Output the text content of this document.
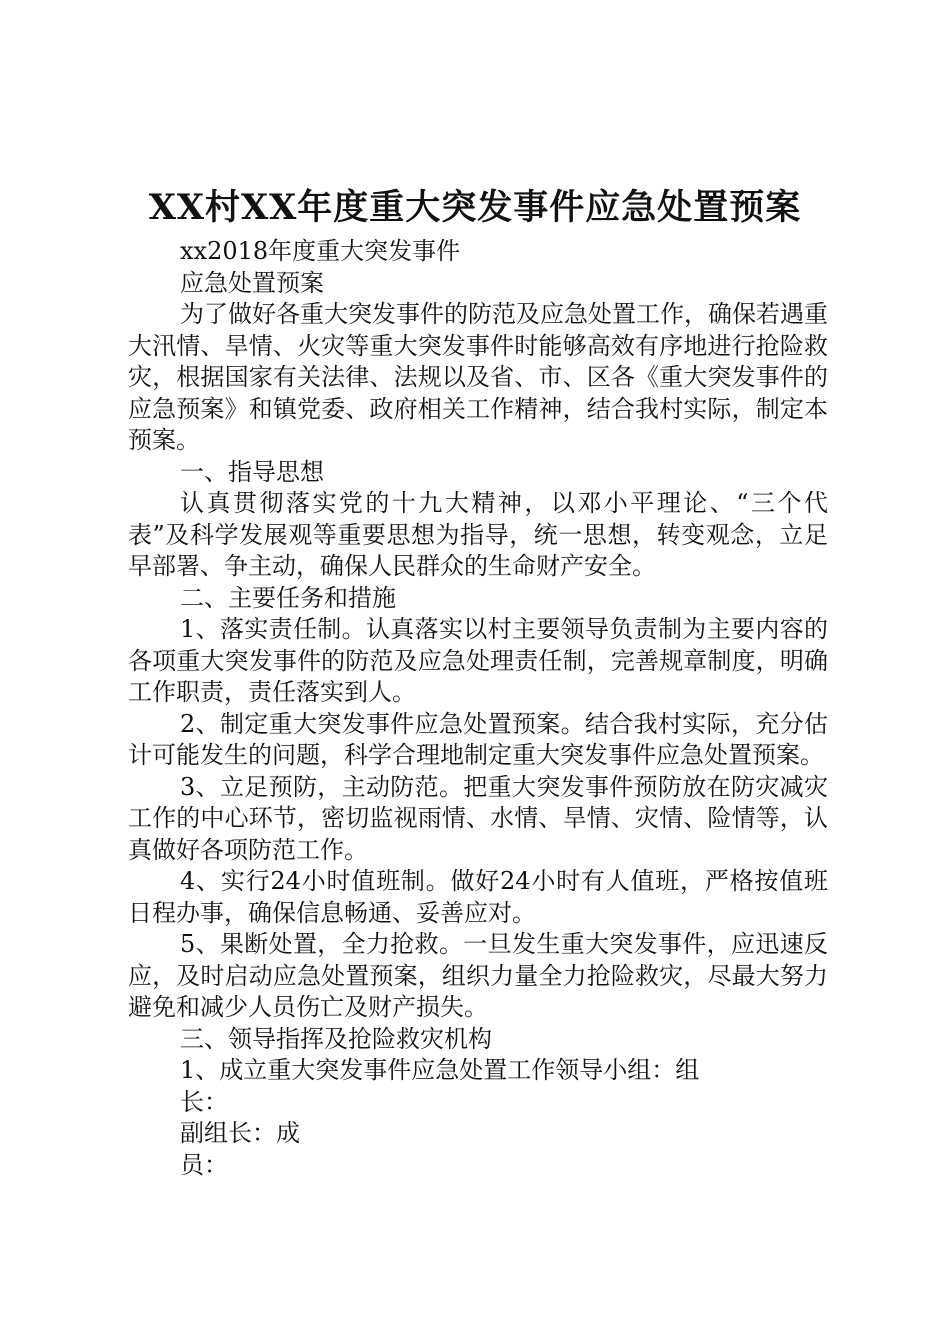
XX村XX年度重大突发事件应急处置预案

xx2018年度重大突发事件

应急处置预案

为了做好各重大突发事件的防范及应急处置工作，确保若遇重大汛情、旱情、火灾等重大突发事件时能够高效有序地进行抢险救灾，根据国家有关法律、法规以及省、市、区各《重大突发事件的应急预案》和镇党委、政府相关工作精神，结合我村实际，制定本预案。

一、指导思想

认真贯彻落实党的十九大精神，以邓小平理论、“三个代表”及科学发展观等重要思想为指导，统一思想，转变观念，立足早部署、争主动，确保人民群众的生命财产安全。

二、主要任务和措施

1、落实责任制。认真落实以村主要领导负责制为主要内容的各项重大突发事件的防范及应急处理责任制，完善规章制度，明确工作职责，责任落实到人。

2、制定重大突发事件应急处置预案。结合我村实际，充分估计可能发生的问题，科学合理地制定重大突发事件应急处置预案。

3、立足预防，主动防范。把重大突发事件预防放在防灾减灾工作的中心环节，密切监视雨情、水情、旱情、灾情、险情等，认真做好各项防范工作。

4、实行24小时值班制。做好24小时有人值班，严格按值班日程办事，确保信息畅通、妥善应对。

5、果断处置，全力抢救。一旦发生重大突发事件，应迅速反应，及时启动应急处置预案，组织力量全力抢险救灾，尽最大努力避免和减少人员伤亡及财产损失。

三、领导指挥及抢险救灾机构

1、成立重大突发事件应急处置工作领导小组：组

长：

副组长：成

员：
